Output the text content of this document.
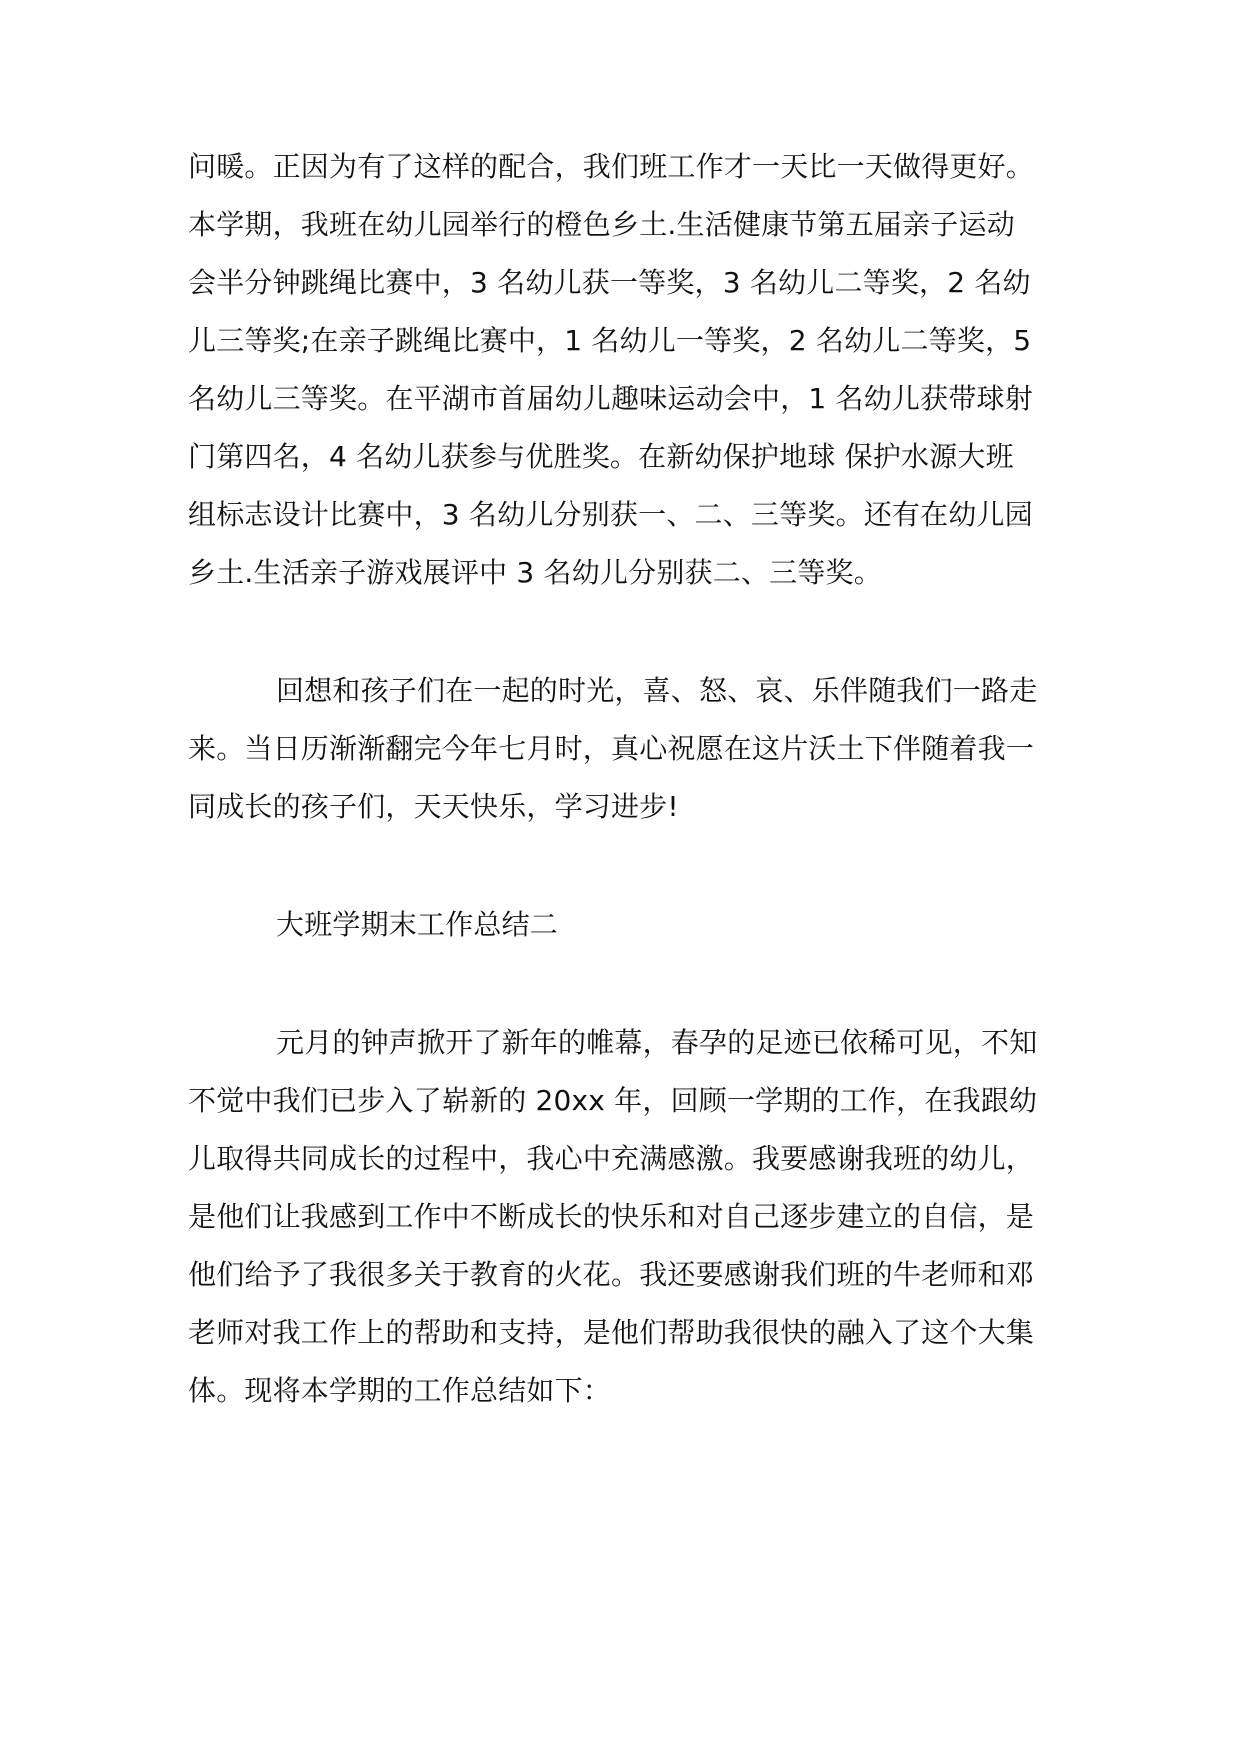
问暖。正因为有了这样的配合，我们班工作才一天比一天做得更好。
本学期，我班在幼儿园举行的橙色乡土.生活健康节第五届亲子运动
会半分钟跳绳比赛中，3 名幼儿获一等奖，3 名幼儿二等奖，2 名幼
儿三等奖;在亲子跳绳比赛中，1 名幼儿一等奖，2 名幼儿二等奖，5
名幼儿三等奖。在平湖市首届幼儿趣味运动会中，1 名幼儿获带球射
门第四名，4 名幼儿获参与优胜奖。在新幼保护地球 保护水源大班
组标志设计比赛中，3 名幼儿分别获一、二、三等奖。还有在幼儿园
乡土.生活亲子游戏展评中 3 名幼儿分别获二、三等奖。
回想和孩子们在一起的时光，喜、怒、哀、乐伴随我们一路走
来。当日历渐渐翻完今年七月时，真心祝愿在这片沃土下伴随着我一
同成长的孩子们，天天快乐，学习进步!
大班学期末工作总结二
元月的钟声掀开了新年的帷幕，春孕的足迹已依稀可见，不知
不觉中我们已步入了崭新的 20xx 年，回顾一学期的工作，在我跟幼
儿取得共同成长的过程中，我心中充满感激。我要感谢我班的幼儿，
是他们让我感到工作中不断成长的快乐和对自己逐步建立的自信，是
他们给予了我很多关于教育的火花。我还要感谢我们班的牛老师和邓
老师对我工作上的帮助和支持，是他们帮助我很快的融入了这个大集
体。现将本学期的工作总结如下：
